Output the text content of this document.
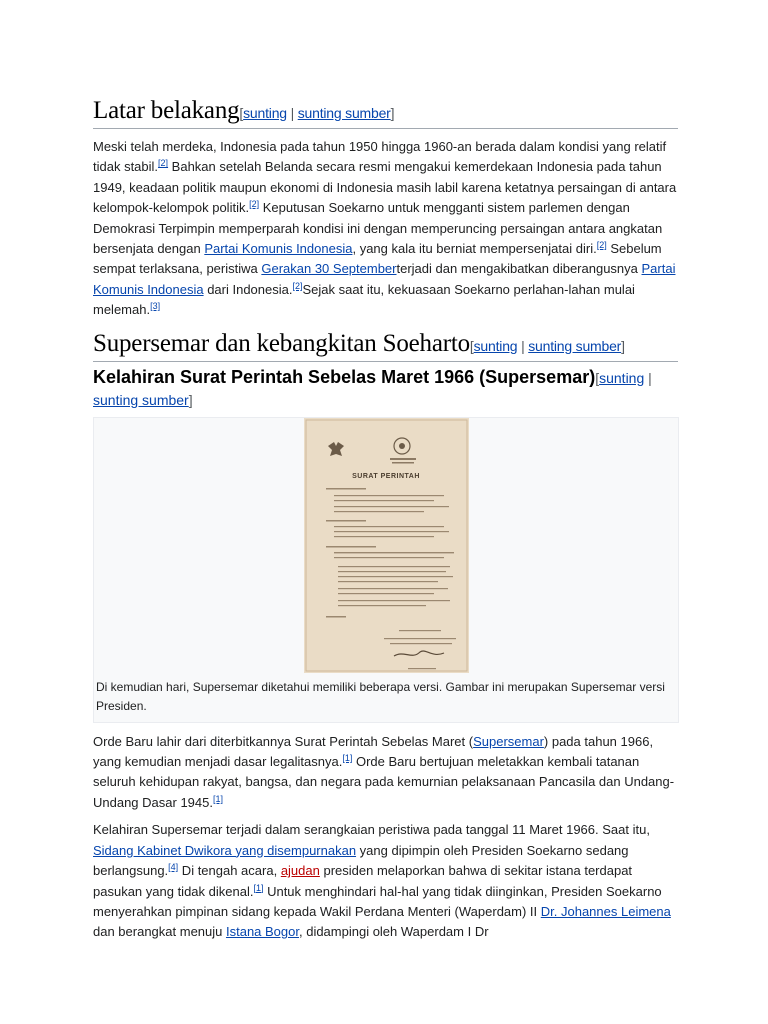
Latar belakang[sunting | sunting sumber]

Meski telah merdeka, Indonesia pada tahun 1950 hingga 1960-an berada dalam kondisi yang relatif tidak stabil.[2] Bahkan setelah Belanda secara resmi mengakui kemerdekaan Indonesia pada tahun 1949, keadaan politik maupun ekonomi di Indonesia masih labil karena ketatnya persaingan di antara kelompok-kelompok politik.[2] Keputusan Soekarno untuk mengganti sistem parlemen dengan Demokrasi Terpimpin memperparah kondisi ini dengan memperuncing persaingan antara angkatan bersenjata dengan Partai Komunis Indonesia, yang kala itu berniat mempersenjatai diri.[2] Sebelum sempat terlaksana, peristiwa Gerakan 30 Septemberterjadi dan mengakibatkan diberangusnya Partai Komunis Indonesia dari Indonesia.[2]Sejak saat itu, kekuasaan Soekarno perlahan-lahan mulai melemah.[3]

Supersemar dan kebangkitan Soeharto[sunting | sunting sumber]
Kelahiran Surat Perintah Sebelas Maret 1966 (Supersemar)[sunting | sunting sumber]
SURAT PERINTAH
Di kemudian hari, Supersemar diketahui memiliki beberapa versi. Gambar ini merupakan Supersemar versi Presiden.

Orde Baru lahir dari diterbitkannya Surat Perintah Sebelas Maret (Supersemar) pada tahun 1966, yang kemudian menjadi dasar legalitasnya.[1] Orde Baru bertujuan meletakkan kembali tatanan seluruh kehidupan rakyat, bangsa, dan negara pada kemurnian pelaksanaan Pancasila dan Undang-Undang Dasar 1945.[1]

Kelahiran Supersemar terjadi dalam serangkaian peristiwa pada tanggal 11 Maret 1966. Saat itu, Sidang Kabinet Dwikora yang disempurnakan yang dipimpin oleh Presiden Soekarno sedang berlangsung.[4] Di tengah acara, ajudan presiden melaporkan bahwa di sekitar istana terdapat pasukan yang tidak dikenal.[1] Untuk menghindari hal-hal yang tidak diinginkan, Presiden Soekarno menyerahkan pimpinan sidang kepada Wakil Perdana Menteri (Waperdam) II Dr. Johannes Leimena dan berangkat menuju Istana Bogor, didampingi oleh Waperdam I Dr
